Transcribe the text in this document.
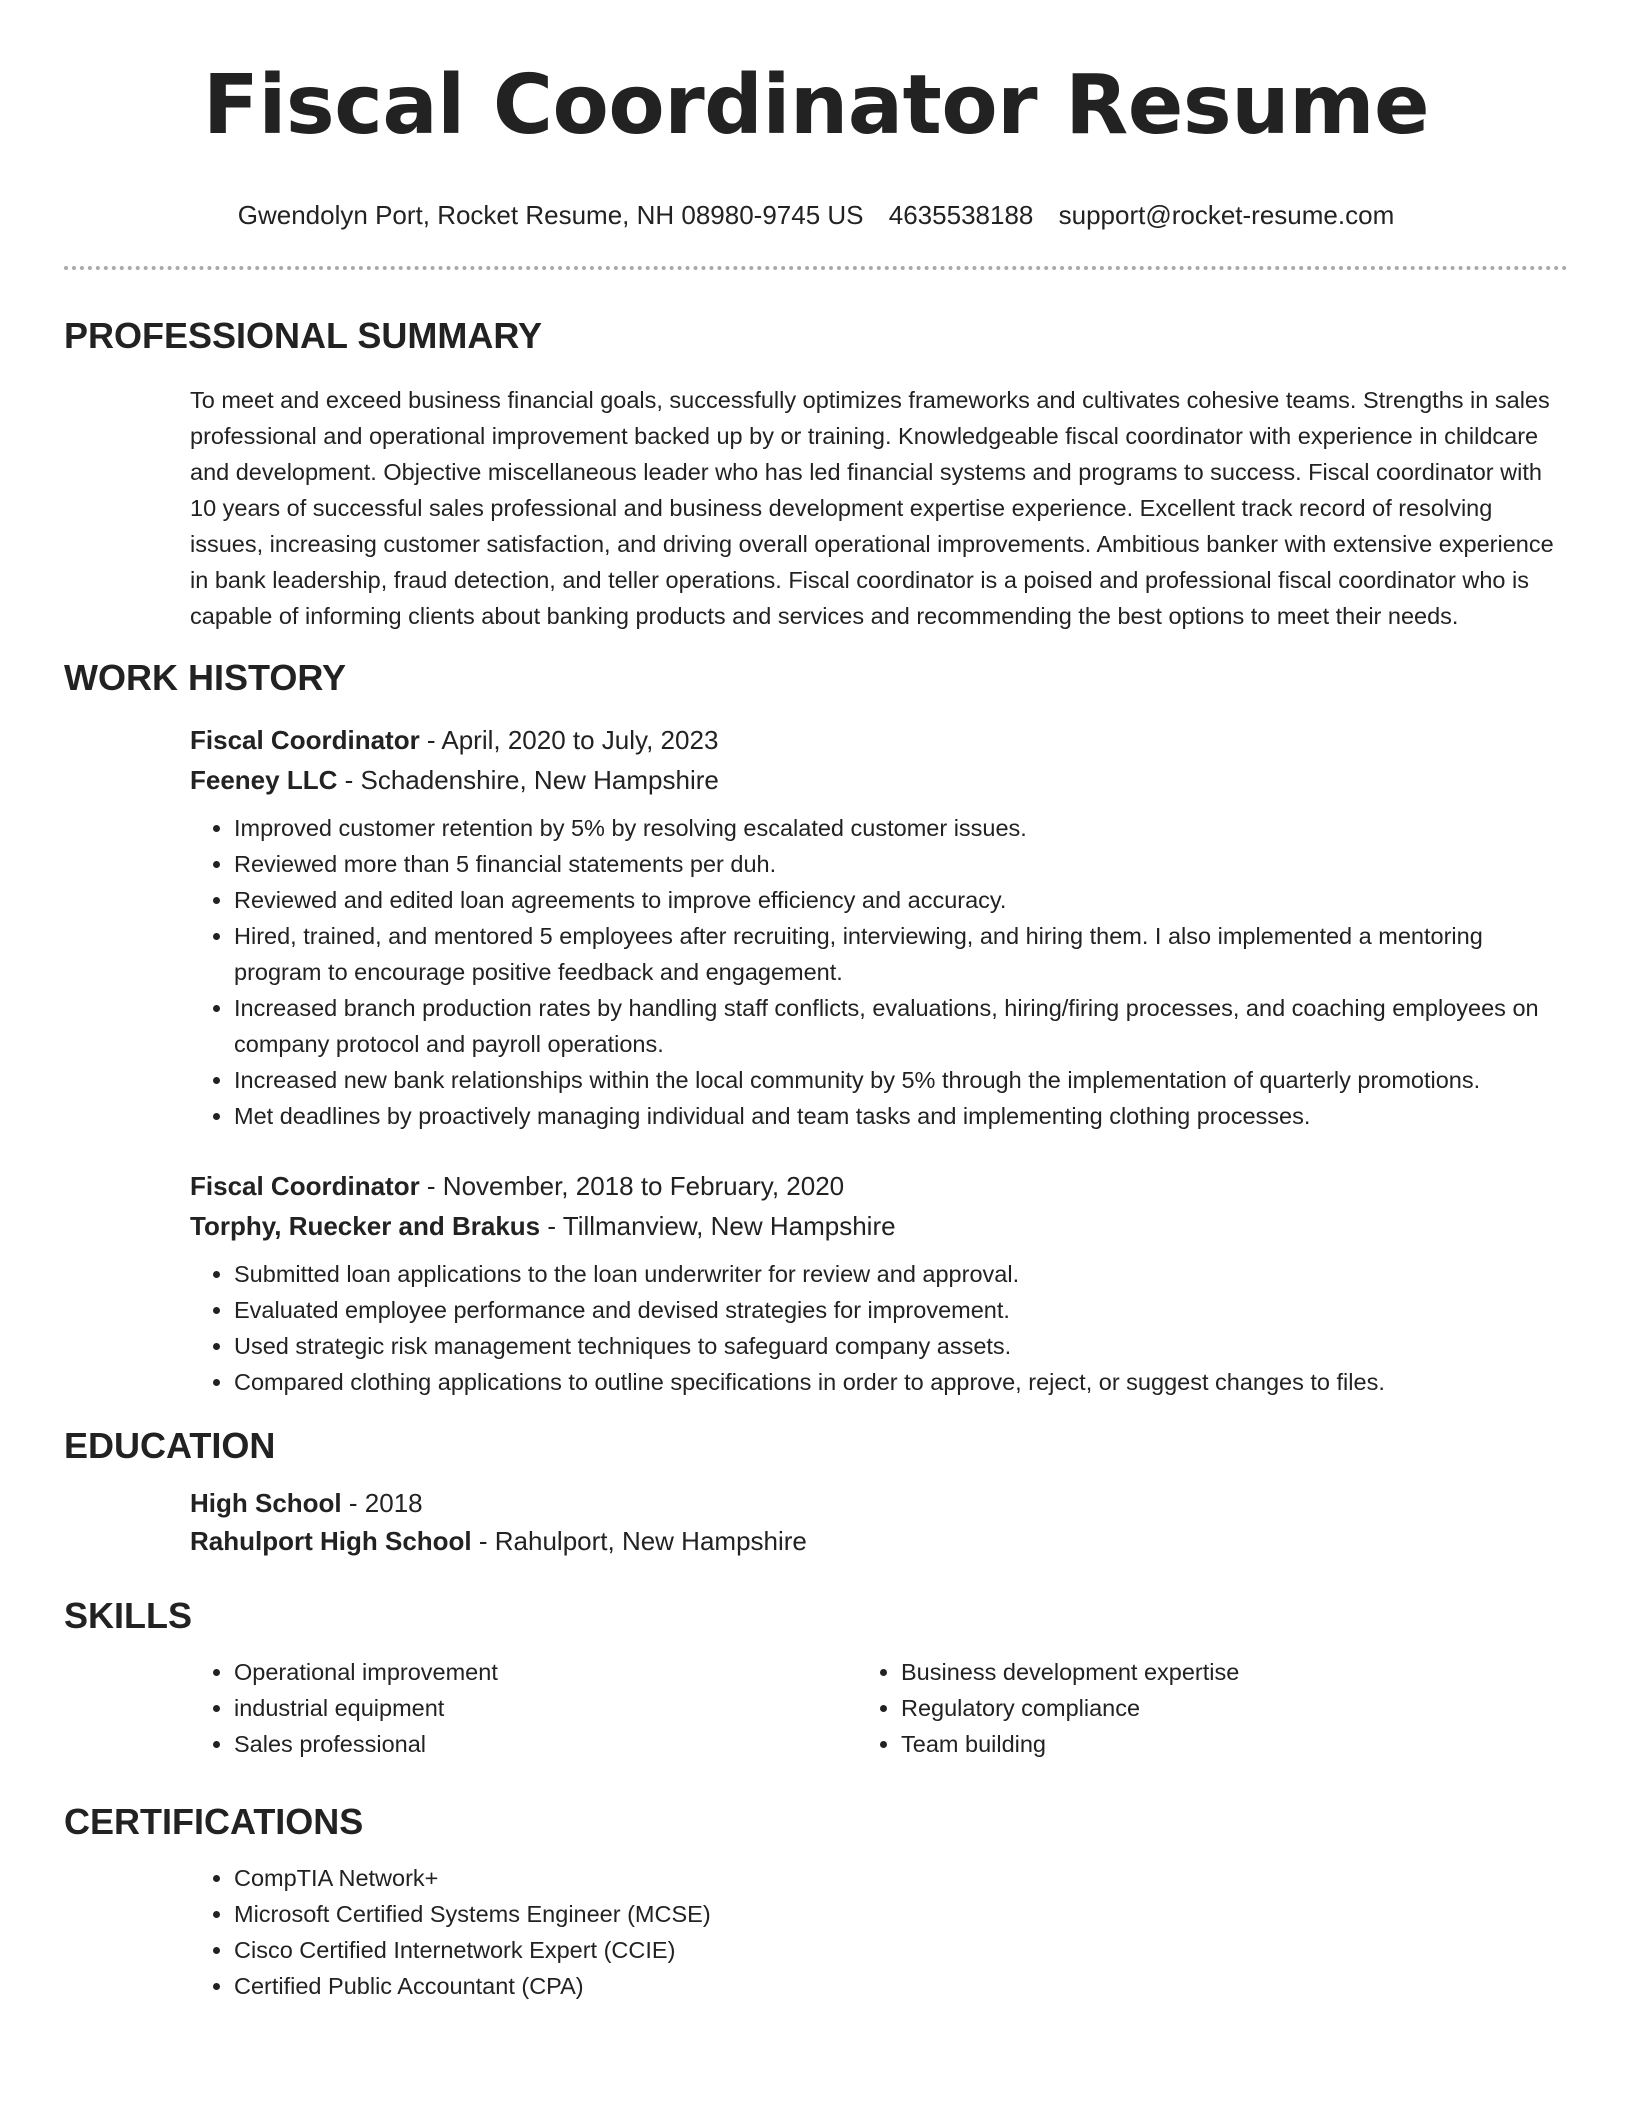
Fiscal Coordinator Resume
Gwendolyn Port, Rocket Resume, NH 08980-9745 US 4635538188 support@rocket-resume.com
PROFESSIONAL SUMMARY

To meet and exceed business financial goals, successfully optimizes frameworks and cultivates cohesive teams. Strengths in sales professional and operational improvement backed up by or training. Knowledgeable fiscal coordinator with experience in childcare and development. Objective miscellaneous leader who has led financial systems and programs to success. Fiscal coordinator with 10 years of successful sales professional and business development expertise experience. Excellent track record of resolving issues, increasing customer satisfaction, and driving overall operational improvements. Ambitious banker with extensive experience in bank leadership, fraud detection, and teller operations. Fiscal coordinator is a poised and professional fiscal coordinator who is capable of informing clients about banking products and services and recommending the best options to meet their needs.

WORK HISTORY
Fiscal Coordinator - April, 2020 to July, 2023
Feeney LLC - Schadenshire, New Hampshire
• Improved customer retention by 5% by resolving escalated customer issues.
• Reviewed more than 5 financial statements per duh.
• Reviewed and edited loan agreements to improve efficiency and accuracy.
• Hired, trained, and mentored 5 employees after recruiting, interviewing, and hiring them. I also implemented a mentoring program to encourage positive feedback and engagement.
• Increased branch production rates by handling staff conflicts, evaluations, hiring/firing processes, and coaching employees on company protocol and payroll operations.
• Increased new bank relationships within the local community by 5% through the implementation of quarterly promotions.
• Met deadlines by proactively managing individual and team tasks and implementing clothing processes.
Fiscal Coordinator - November, 2018 to February, 2020
Torphy, Ruecker and Brakus - Tillmanview, New Hampshire
• Submitted loan applications to the loan underwriter for review and approval.
• Evaluated employee performance and devised strategies for improvement.
• Used strategic risk management techniques to safeguard company assets.
• Compared clothing applications to outline specifications in order to approve, reject, or suggest changes to files.
EDUCATION
High School - 2018
Rahulport High School - Rahulport, New Hampshire
SKILLS
• Operational improvement
• industrial equipment
• Sales professional
• Business development expertise
• Regulatory compliance
• Team building
CERTIFICATIONS
• CompTIA Network+
• Microsoft Certified Systems Engineer (MCSE)
• Cisco Certified Internetwork Expert (CCIE)
• Certified Public Accountant (CPA)
